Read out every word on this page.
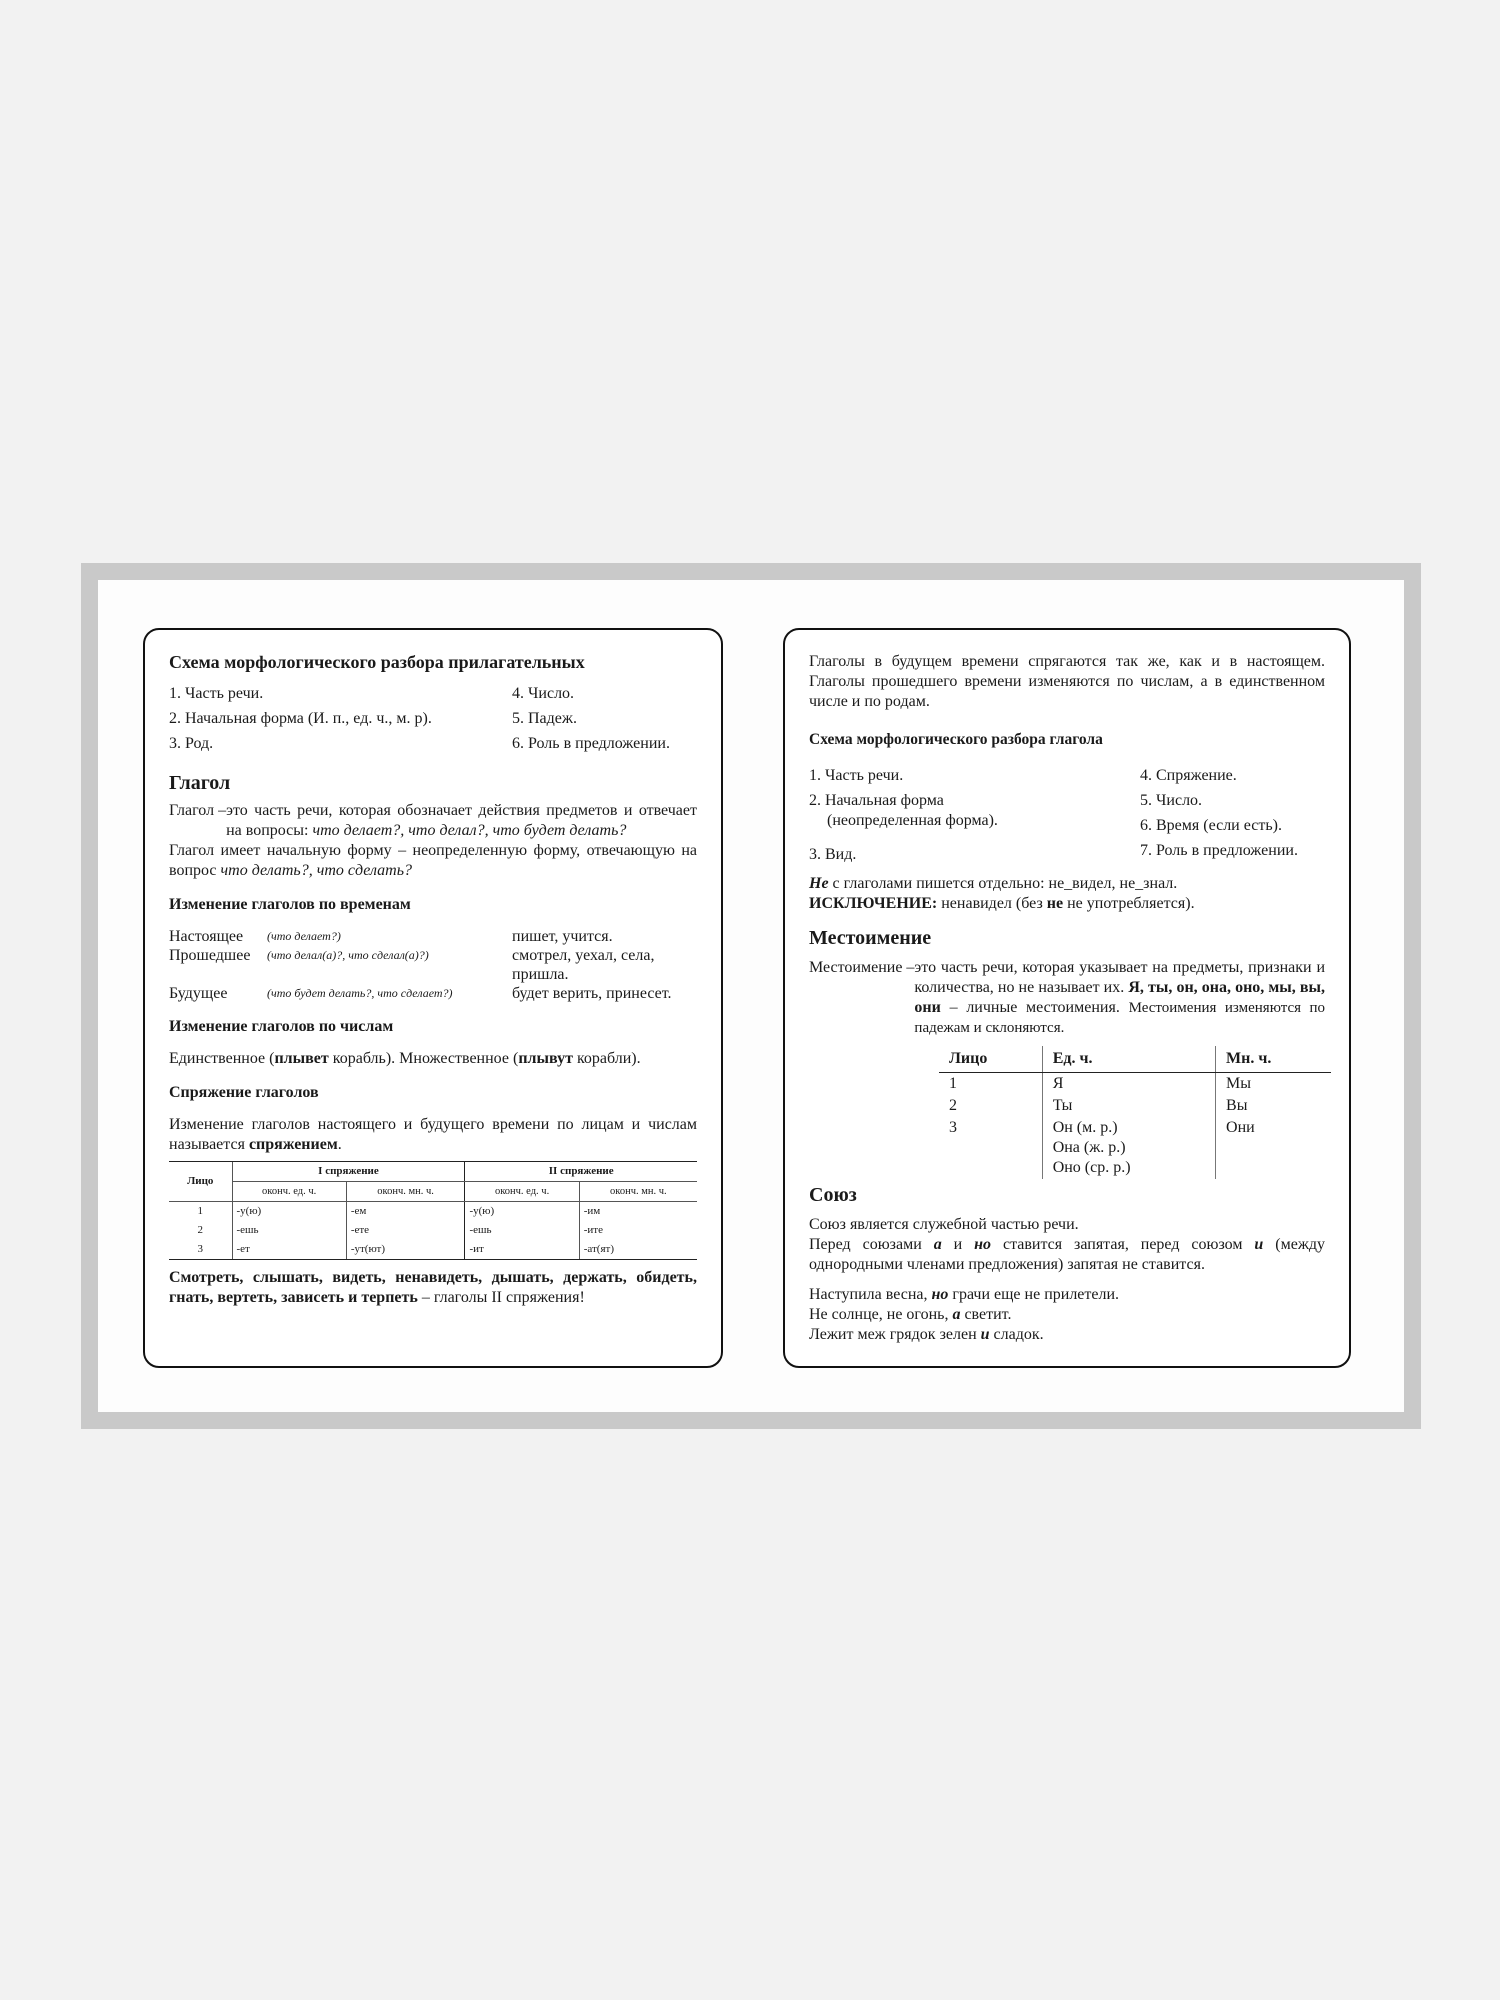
Схема морфологического разбора прилагательных
1. Часть речи.
2. Начальная форма (И. п., ед. ч., м. р).
3. Род.
4. Число.
5. Падеж.
6. Роль в предложении.
Глагол
Глагол – это часть речи, которая обозначает действия предметов и отвечает на вопросы: что делает?, что делал?, что будет делать?

Глагол имеет начальную форму – неопределенную форму, отвечающую на вопрос что делать?, что сделать?

Изменение глаголов по временам
Настоящее	(что делает?)	пишет, учится.
Прошедшее	(что делал(а)?, что сделал(а)?)	смотрел, уехал, села, пришла.
Будущее	(что будет делать?, что сделает?)	будет верить, принесет.
Изменение глаголов по числам

Единственное (плывет корабль). Множественное (плывут корабли).

Спряжение глаголов

Изменение глаголов настоящего и будущего времени по лицам и числам называется спряжением.

Лицо	I спряжение		II спряжение	
	оконч. ед. ч.	оконч. мн. ч.	оконч. ед. ч.	оконч. мн. ч.
1	-у(ю)	-ем	-у(ю)	-им
2	-ешь	-ете	-ешь	-ите
3	-ет	-ут(ют)	-ит	-ат(ят)

Смотреть, слышать, видеть, ненавидеть, дышать, держать, обидеть, гнать, вертеть, зависеть и терпеть – глаголы II спряжения!

Глаголы в будущем времени спрягаются так же, как и в настоящем. Глаголы прошедшего времени изменяются по числам, а в единственном числе и по родам.

Схема морфологического разбора глагола
1. Часть речи.
2. Начальная форма
(неопределенная форма).
3. Вид.
4. Спряжение.
5. Число.
6. Время (если есть).
7. Роль в предложении.

Не с глаголами пишется отдельно: не_видел, не_знал.

ИСКЛЮЧЕНИЕ: ненавидел (без не не употребляется).

Местоимение
Местоимение – это часть речи, которая указывает на предметы, признаки и количества, но не называет их. Я, ты, он, она, оно, мы, вы, они – личные местоимения. Местоимения изменяются по падежам и склоняются.
Лицо	Ед. ч.	Мн. ч.
1	Я	Мы
2	Ты	Вы
3	Он (м. р.)
Она (ж. р.)
Оно (ср. р.)	Они
Союз

Союз является служебной частью речи.

Перед союзами а и но ставится запятая, перед союзом и (между однородными членами предложения) запятая не ставится.

Наступила весна, но грачи еще не прилетели.

Не солнце, не огонь, а светит.

Лежит меж грядок зелен и сладок.
